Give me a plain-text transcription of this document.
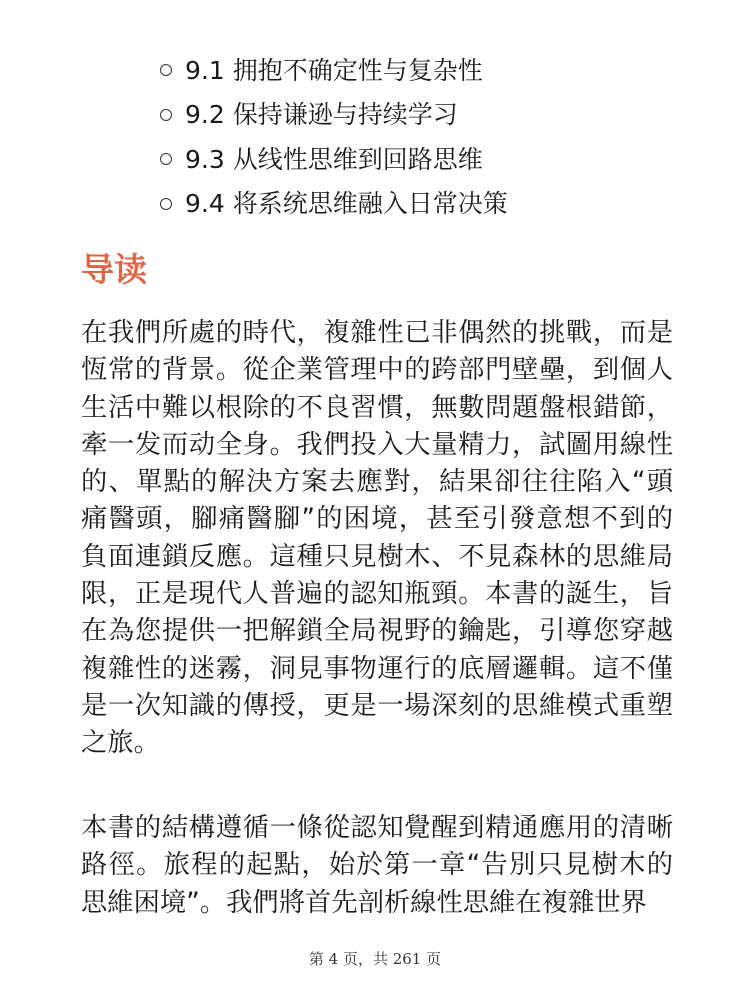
9.1 拥抱不确定性与复杂性
9.2 保持谦逊与持续学习
9.3 从线性思维到回路思维
9.4 将系统思维融入日常决策
导读

在我們所處的時代，複雜性已非偶然的挑戰，而是恆常的背景。從企業管理中的跨部門壁壘，到個人生活中難以根除的不良習慣，無數問題盤根錯節，牽一发而动全身。我們投入大量精力，試圖用線性的、單點的解決方案去應對，結果卻往往陷入“頭痛醫頭，腳痛醫腳”的困境，甚至引發意想不到的負面連鎖反應。這種只見樹木、不見森林的思維局限，正是現代人普遍的認知瓶頸。本書的誕生，旨在為您提供一把解鎖全局視野的鑰匙，引導您穿越複雜性的迷霧，洞見事物運行的底層邏輯。這不僅是一次知識的傳授，更是一場深刻的思維模式重塑之旅。

本書的結構遵循一條從認知覺醒到精通應用的清晰路徑。旅程的起點，始於第一章“告別只見樹木的思維困境”。我們將首先剖析線性思維在複雜世界

第 4 页，共 261 页
